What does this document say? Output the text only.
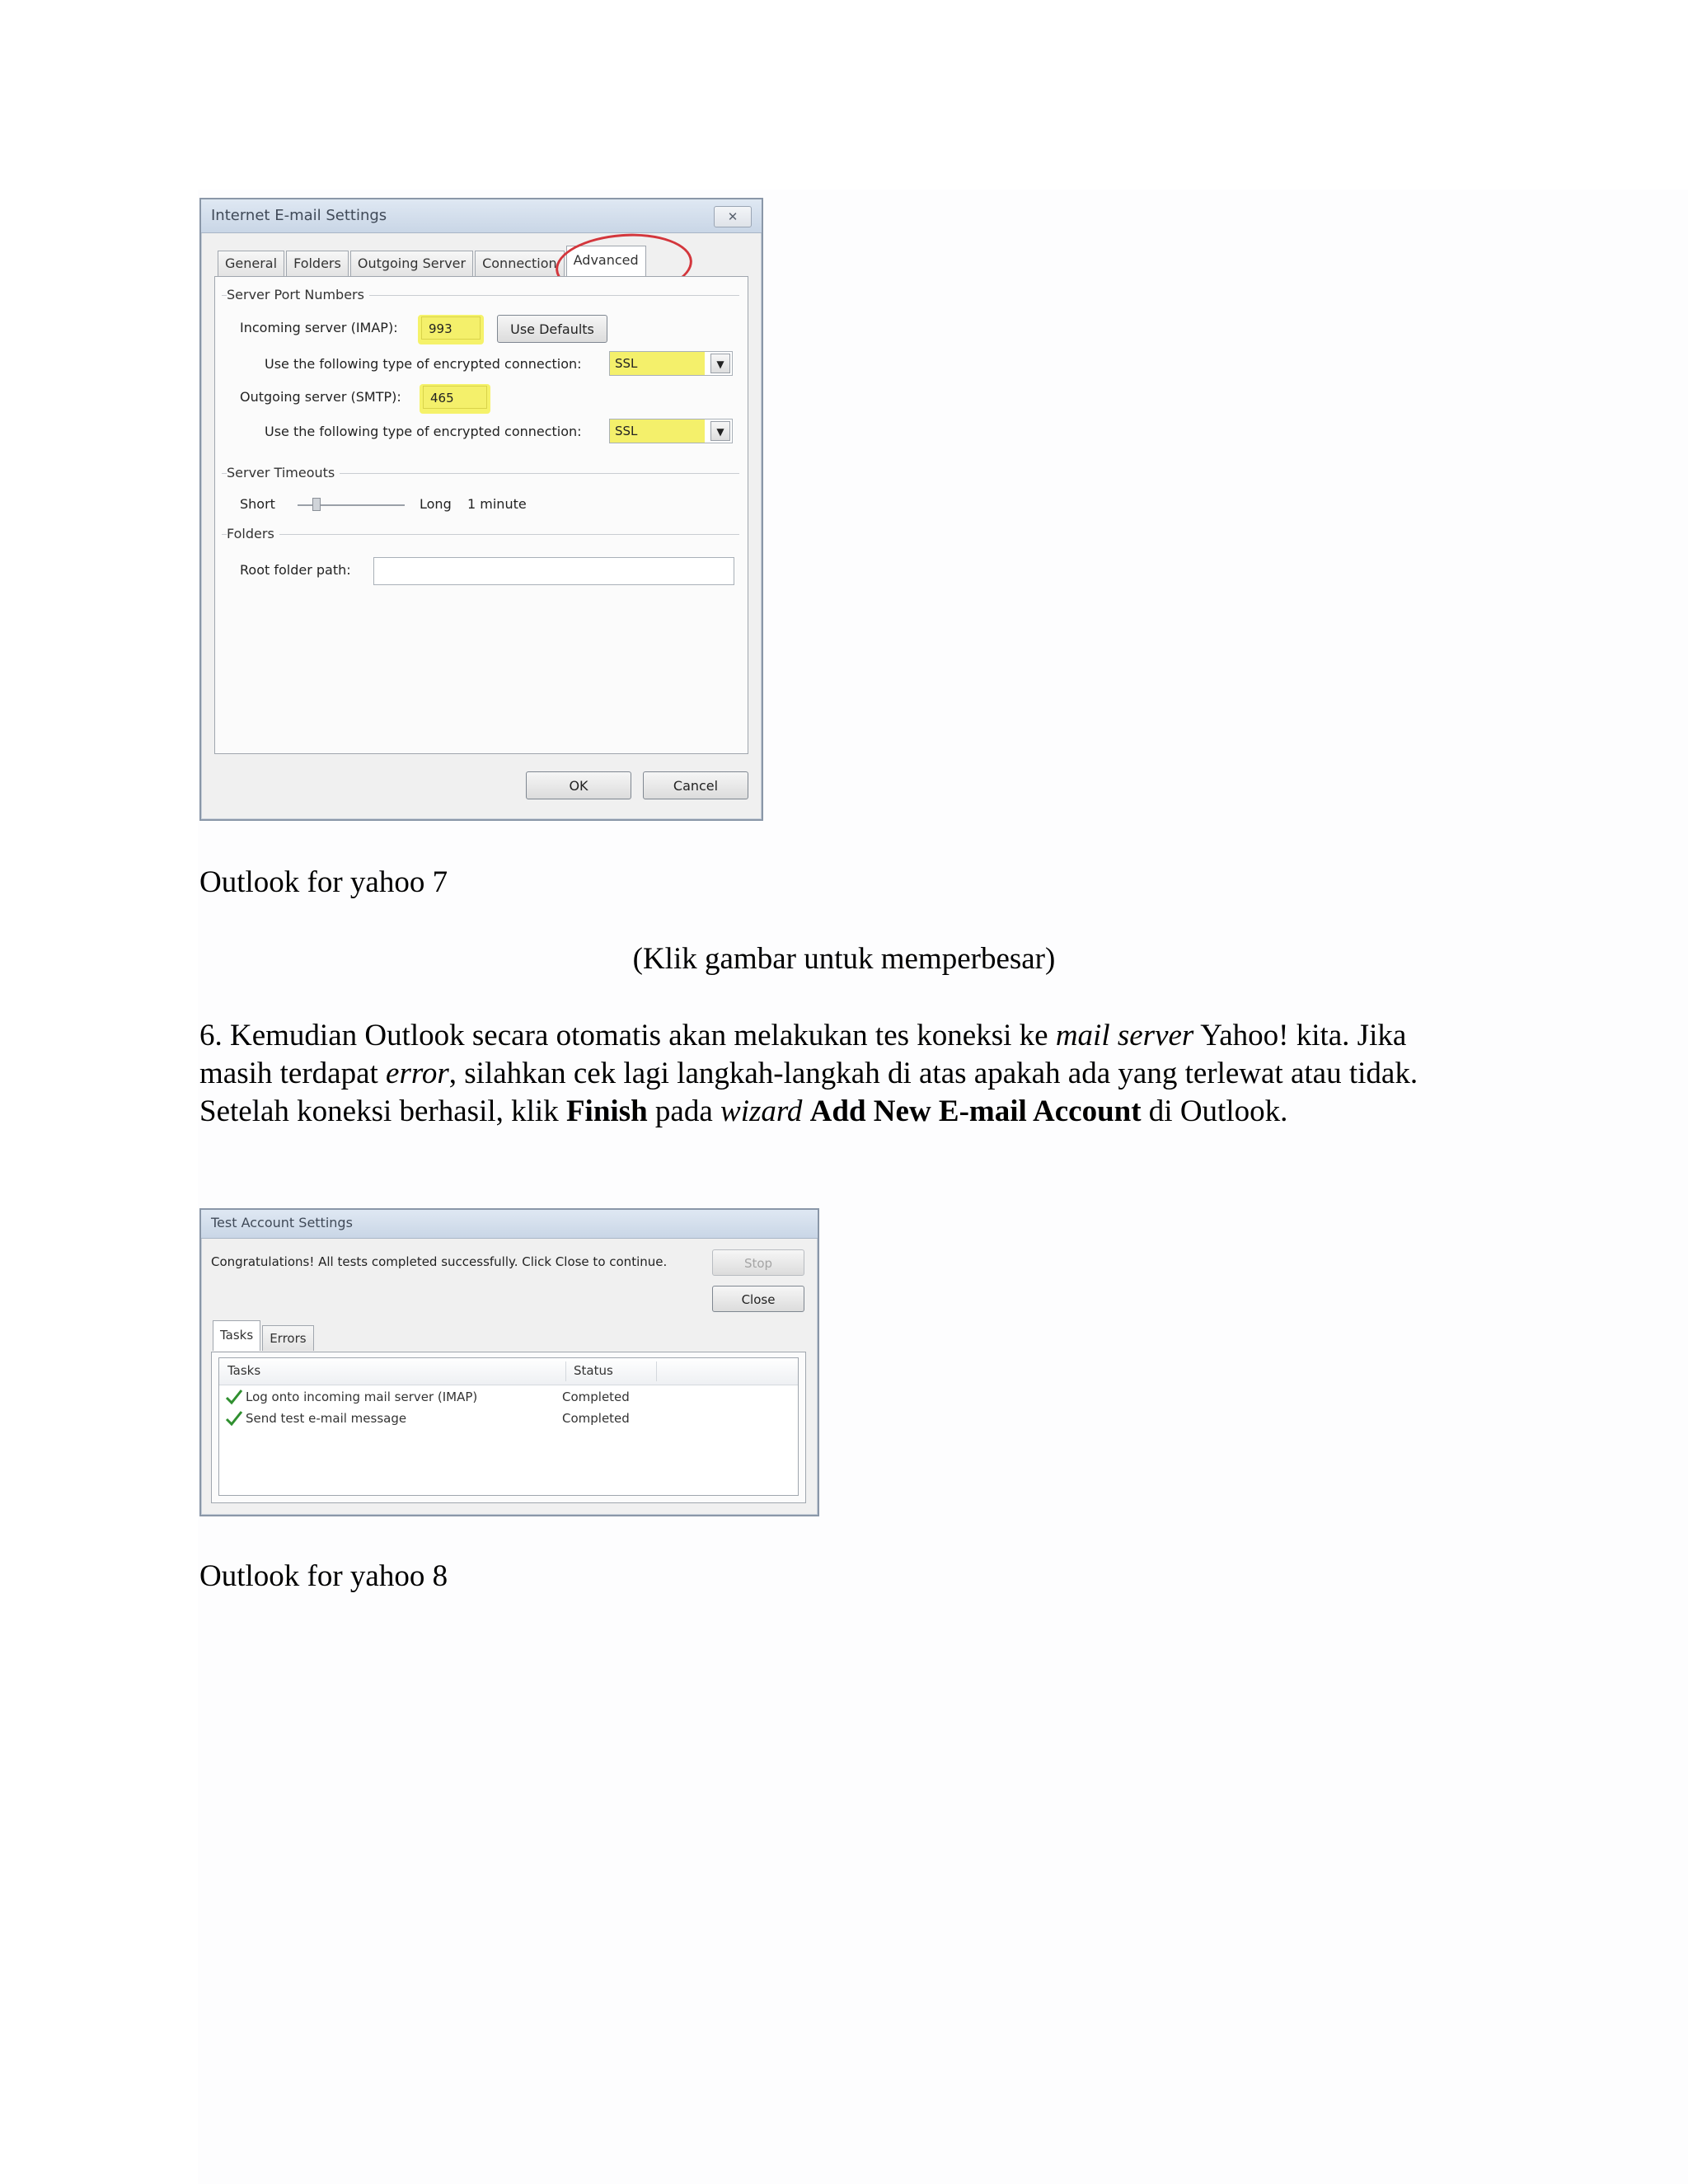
Internet E-mail Settings	✕
General	Folders	Outgoing Server	Connection	Advanced
Server Port Numbers
Incoming server (IMAP):	993	Use Defaults
Use the following type of encrypted connection:	SSL	▼
Outgoing server (SMTP):	465
Use the following type of encrypted connection:	SSL	▼
Server Timeouts
Short	Long 1 minute
Folders
Root folder path:
OK	Cancel
Outlook for yahoo 7
(Klik gambar untuk memperbesar)

6. Kemudian Outlook secara otomatis akan melakukan tes koneksi ke mail server Yahoo! kita. Jika masih terdapat error, silahkan cek lagi langkah-langkah di atas apakah ada yang terlewat atau tidak. Setelah koneksi berhasil, klik Finish pada wizard Add New E-mail Account di Outlook.

Test Account Settings
Congratulations! All tests completed successfully. Click Close to continue.	Stop
Close
Tasks	Errors
Tasks	Status
Log onto incoming mail server (IMAP)	Completed
Send test e-mail message	Completed
Outlook for yahoo 8
